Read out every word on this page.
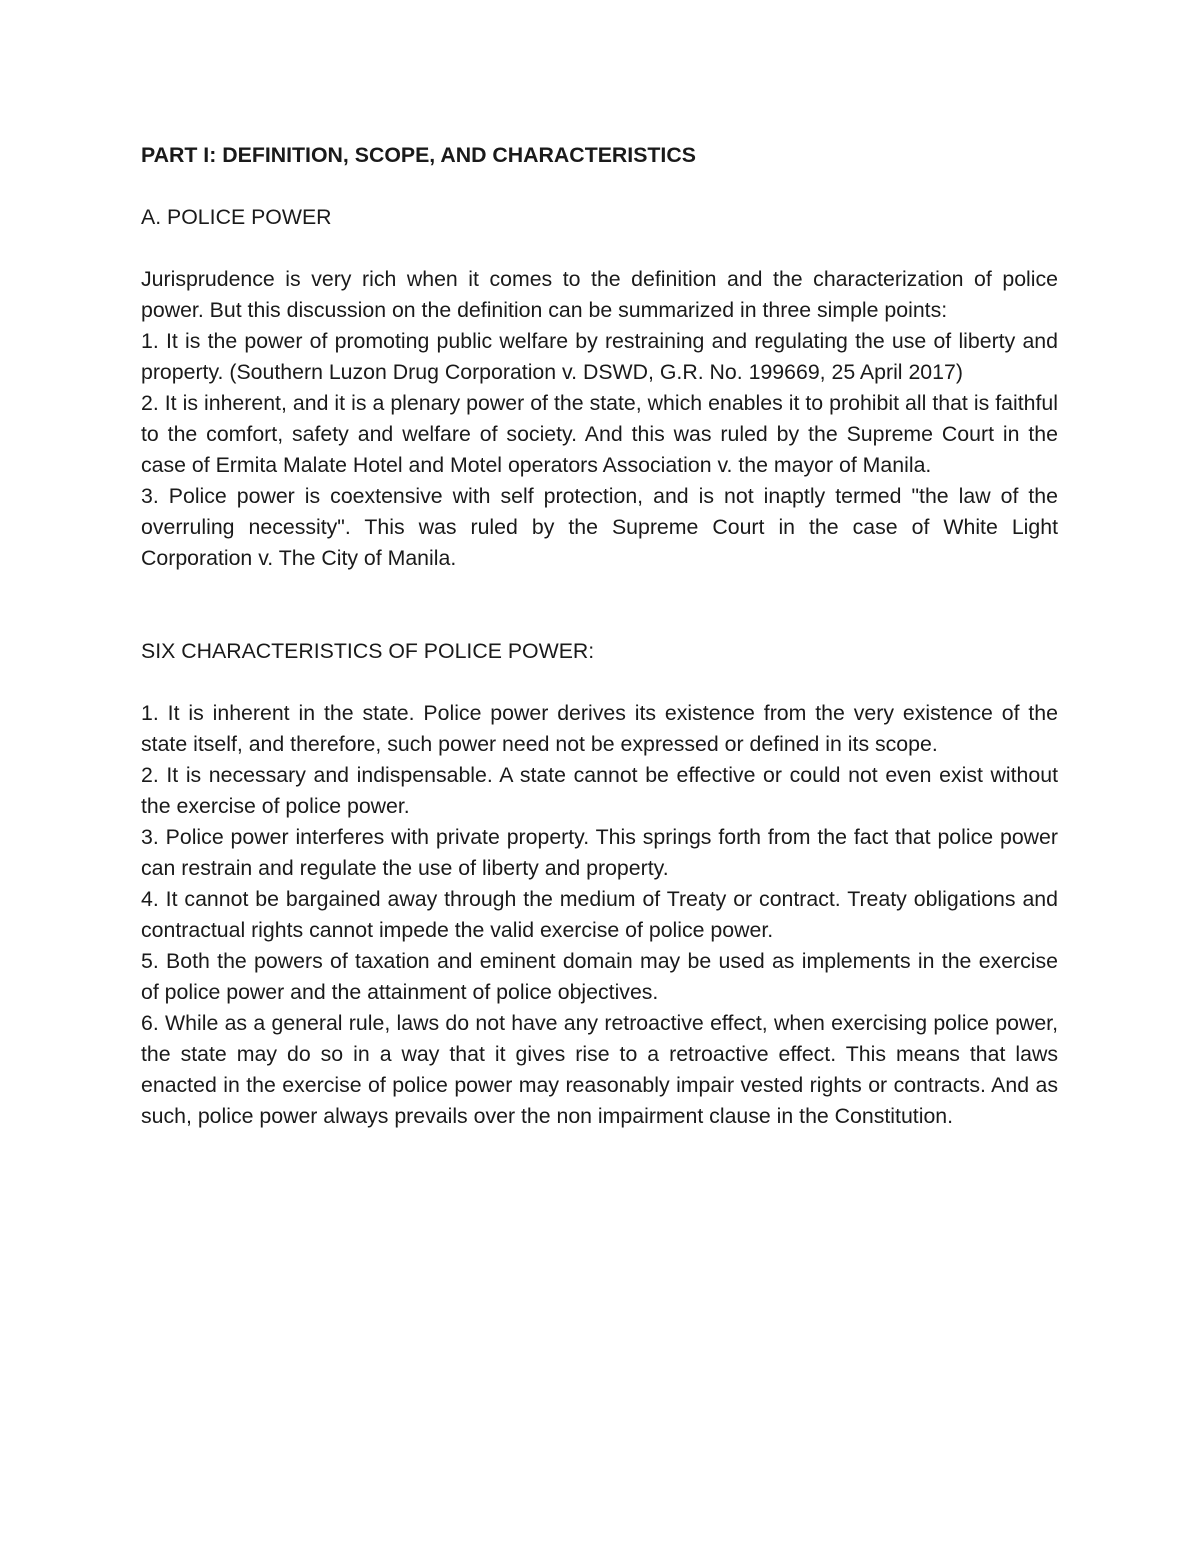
PART I: DEFINITION, SCOPE, AND CHARACTERISTICS

A. POLICE POWER

Jurisprudence is very rich when it comes to the definition and the characterization of police power. But this discussion on the definition can be summarized in three simple points:

1. It is the power of promoting public welfare by restraining and regulating the use of liberty and property. (Southern Luzon Drug Corporation v. DSWD, G.R. No. 199669, 25 April 2017)

2. It is inherent, and it is a plenary power of the state, which enables it to prohibit all that is faithful to the comfort, safety and welfare of society. And this was ruled by the Supreme Court in the case of Ermita Malate Hotel and Motel operators Association v. the mayor of Manila.

3. Police power is coextensive with self protection, and is not inaptly termed "the law of the overruling necessity". This was ruled by the Supreme Court in the case of White Light Corporation v. The City of Manila.

SIX CHARACTERISTICS OF POLICE POWER:

1. It is inherent in the state. Police power derives its existence from the very existence of the state itself, and therefore, such power need not be expressed or defined in its scope.

2. It is necessary and indispensable. A state cannot be effective or could not even exist without the exercise of police power.

3. Police power interferes with private property. This springs forth from the fact that police power can restrain and regulate the use of liberty and property.

4. It cannot be bargained away through the medium of Treaty or contract. Treaty obligations and contractual rights cannot impede the valid exercise of police power.

5. Both the powers of taxation and eminent domain may be used as implements in the exercise of police power and the attainment of police objectives.

6. While as a general rule, laws do not have any retroactive effect, when exercising police power, the state may do so in a way that it gives rise to a retroactive effect. This means that laws enacted in the exercise of police power may reasonably impair vested rights or contracts. And as such, police power always prevails over the non impairment clause in the Constitution.
